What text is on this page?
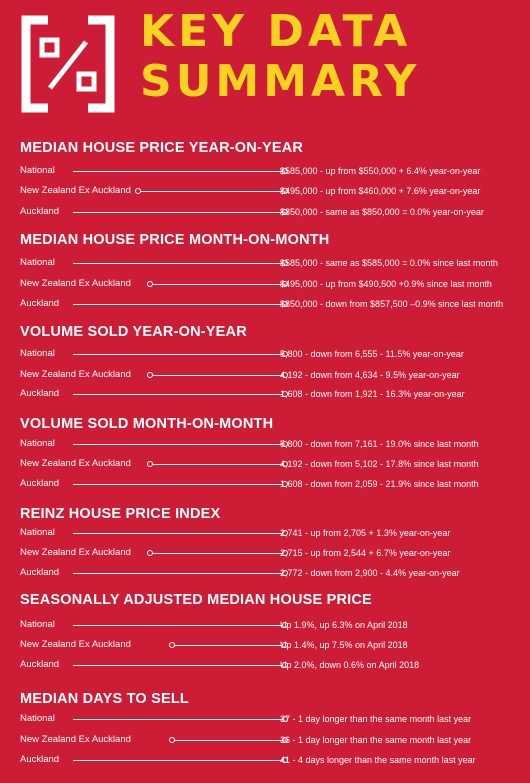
KEY DATA
SUMMARY
MEDIAN HOUSE PRICE YEAR-ON-YEAR
National	$585,000 - up from $550,000 + 6.4% year-on-year
New Zealand Ex Auckland	$495,000 - up from $460,000 + 7.6% year-on-year
Auckland	$850,000 - same as $850,000 = 0.0% year-on-year
MEDIAN HOUSE PRICE MONTH-ON-MONTH
National	$585,000 - same as $585,000 = 0.0% since last month
New Zealand Ex Auckland	$495,000 - up from $490,500 +0.9% since last month
Auckland	$850,000 - down from $857,500 –0.9% since last month
VOLUME SOLD YEAR-ON-YEAR
National	5,800 - down from 6,555 - 11.5% year-on-year
New Zealand Ex Auckland	4,192 - down from 4,634 - 9.5% year-on-year
Auckland	1,608 - down from 1,921 - 16.3% year-on-year
VOLUME SOLD MONTH-ON-MONTH
National	5,800 - down from 7,161 - 19.0% since last month
New Zealand Ex Auckland	4,192 - down from 5,102 - 17.8% since last month
Auckland	1,608 - down from 2,059 - 21.9% since last month
REINZ HOUSE PRICE INDEX
National	2,741 - up from 2,705 + 1.3% year-on-year
New Zealand Ex Auckland	2,715 - up from 2,544 + 6.7% year-on-year
Auckland	2,772 - down from 2,900 - 4.4% year-on-year
SEASONALLY ADJUSTED MEDIAN HOUSE PRICE
National	Up 1.9%, up 6.3% on April 2018
New Zealand Ex Auckland	Up 1.4%, up 7.5% on April 2018
Auckland	Up 2.0%, down 0.6% on April 2018
MEDIAN DAYS TO SELL
National	37 - 1 day longer than the same month last year
New Zealand Ex Auckland	36 - 1 day longer than the same month last year
Auckland	41 - 4 days longer than the same month last year
